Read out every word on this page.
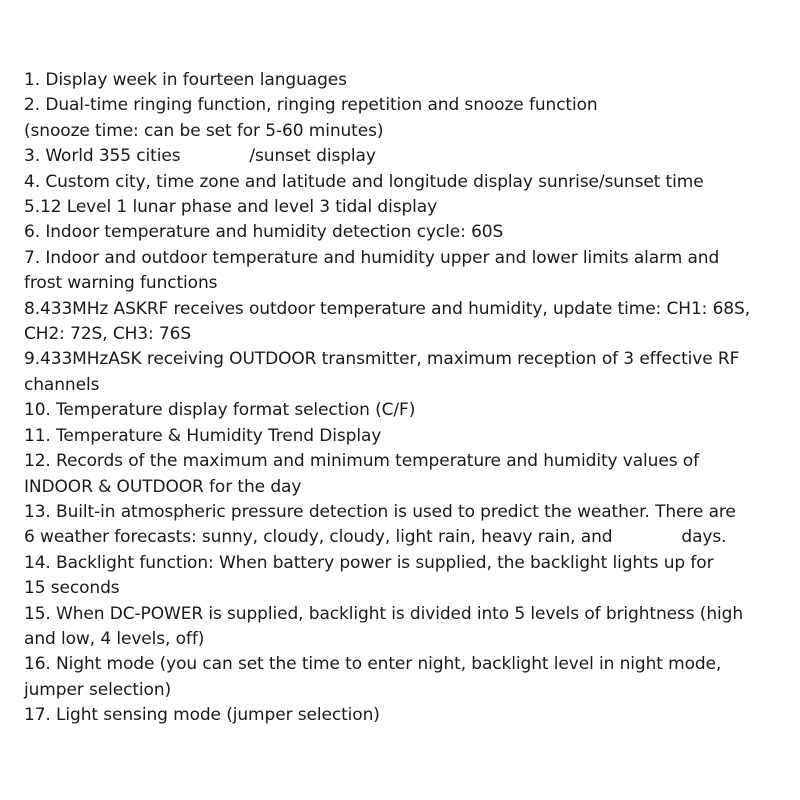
1. Display week in fourteen languages
2. Dual-time ringing function, ringing repetition and snooze function
(snooze time: can be set for 5-60 minutes)
3. World 355 cities             /sunset display
4. Custom city, time zone and latitude and longitude display sunrise/sunset time
5.12 Level 1 lunar phase and level 3 tidal display
6. Indoor temperature and humidity detection cycle: 60S
7. Indoor and outdoor temperature and humidity upper and lower limits alarm and
frost warning functions
8.433MHz ASKRF receives outdoor temperature and humidity, update time: CH1: 68S,
CH2: 72S, CH3: 76S
9.433MHzASK receiving OUTDOOR transmitter, maximum reception of 3 effective RF
channels
10. Temperature display format selection (C/F)
11. Temperature & Humidity Trend Display
12. Records of the maximum and minimum temperature and humidity values of
INDOOR & OUTDOOR for the day
13. Built-in atmospheric pressure detection is used to predict the weather. There are
6 weather forecasts: sunny, cloudy, cloudy, light rain, heavy rain, and             days.
14. Backlight function: When battery power is supplied, the backlight lights up for
15 seconds
15. When DC-POWER is supplied, backlight is divided into 5 levels of brightness (high
and low, 4 levels, off)
16. Night mode (you can set the time to enter night, backlight level in night mode,
jumper selection)
17. Light sensing mode (jumper selection)
